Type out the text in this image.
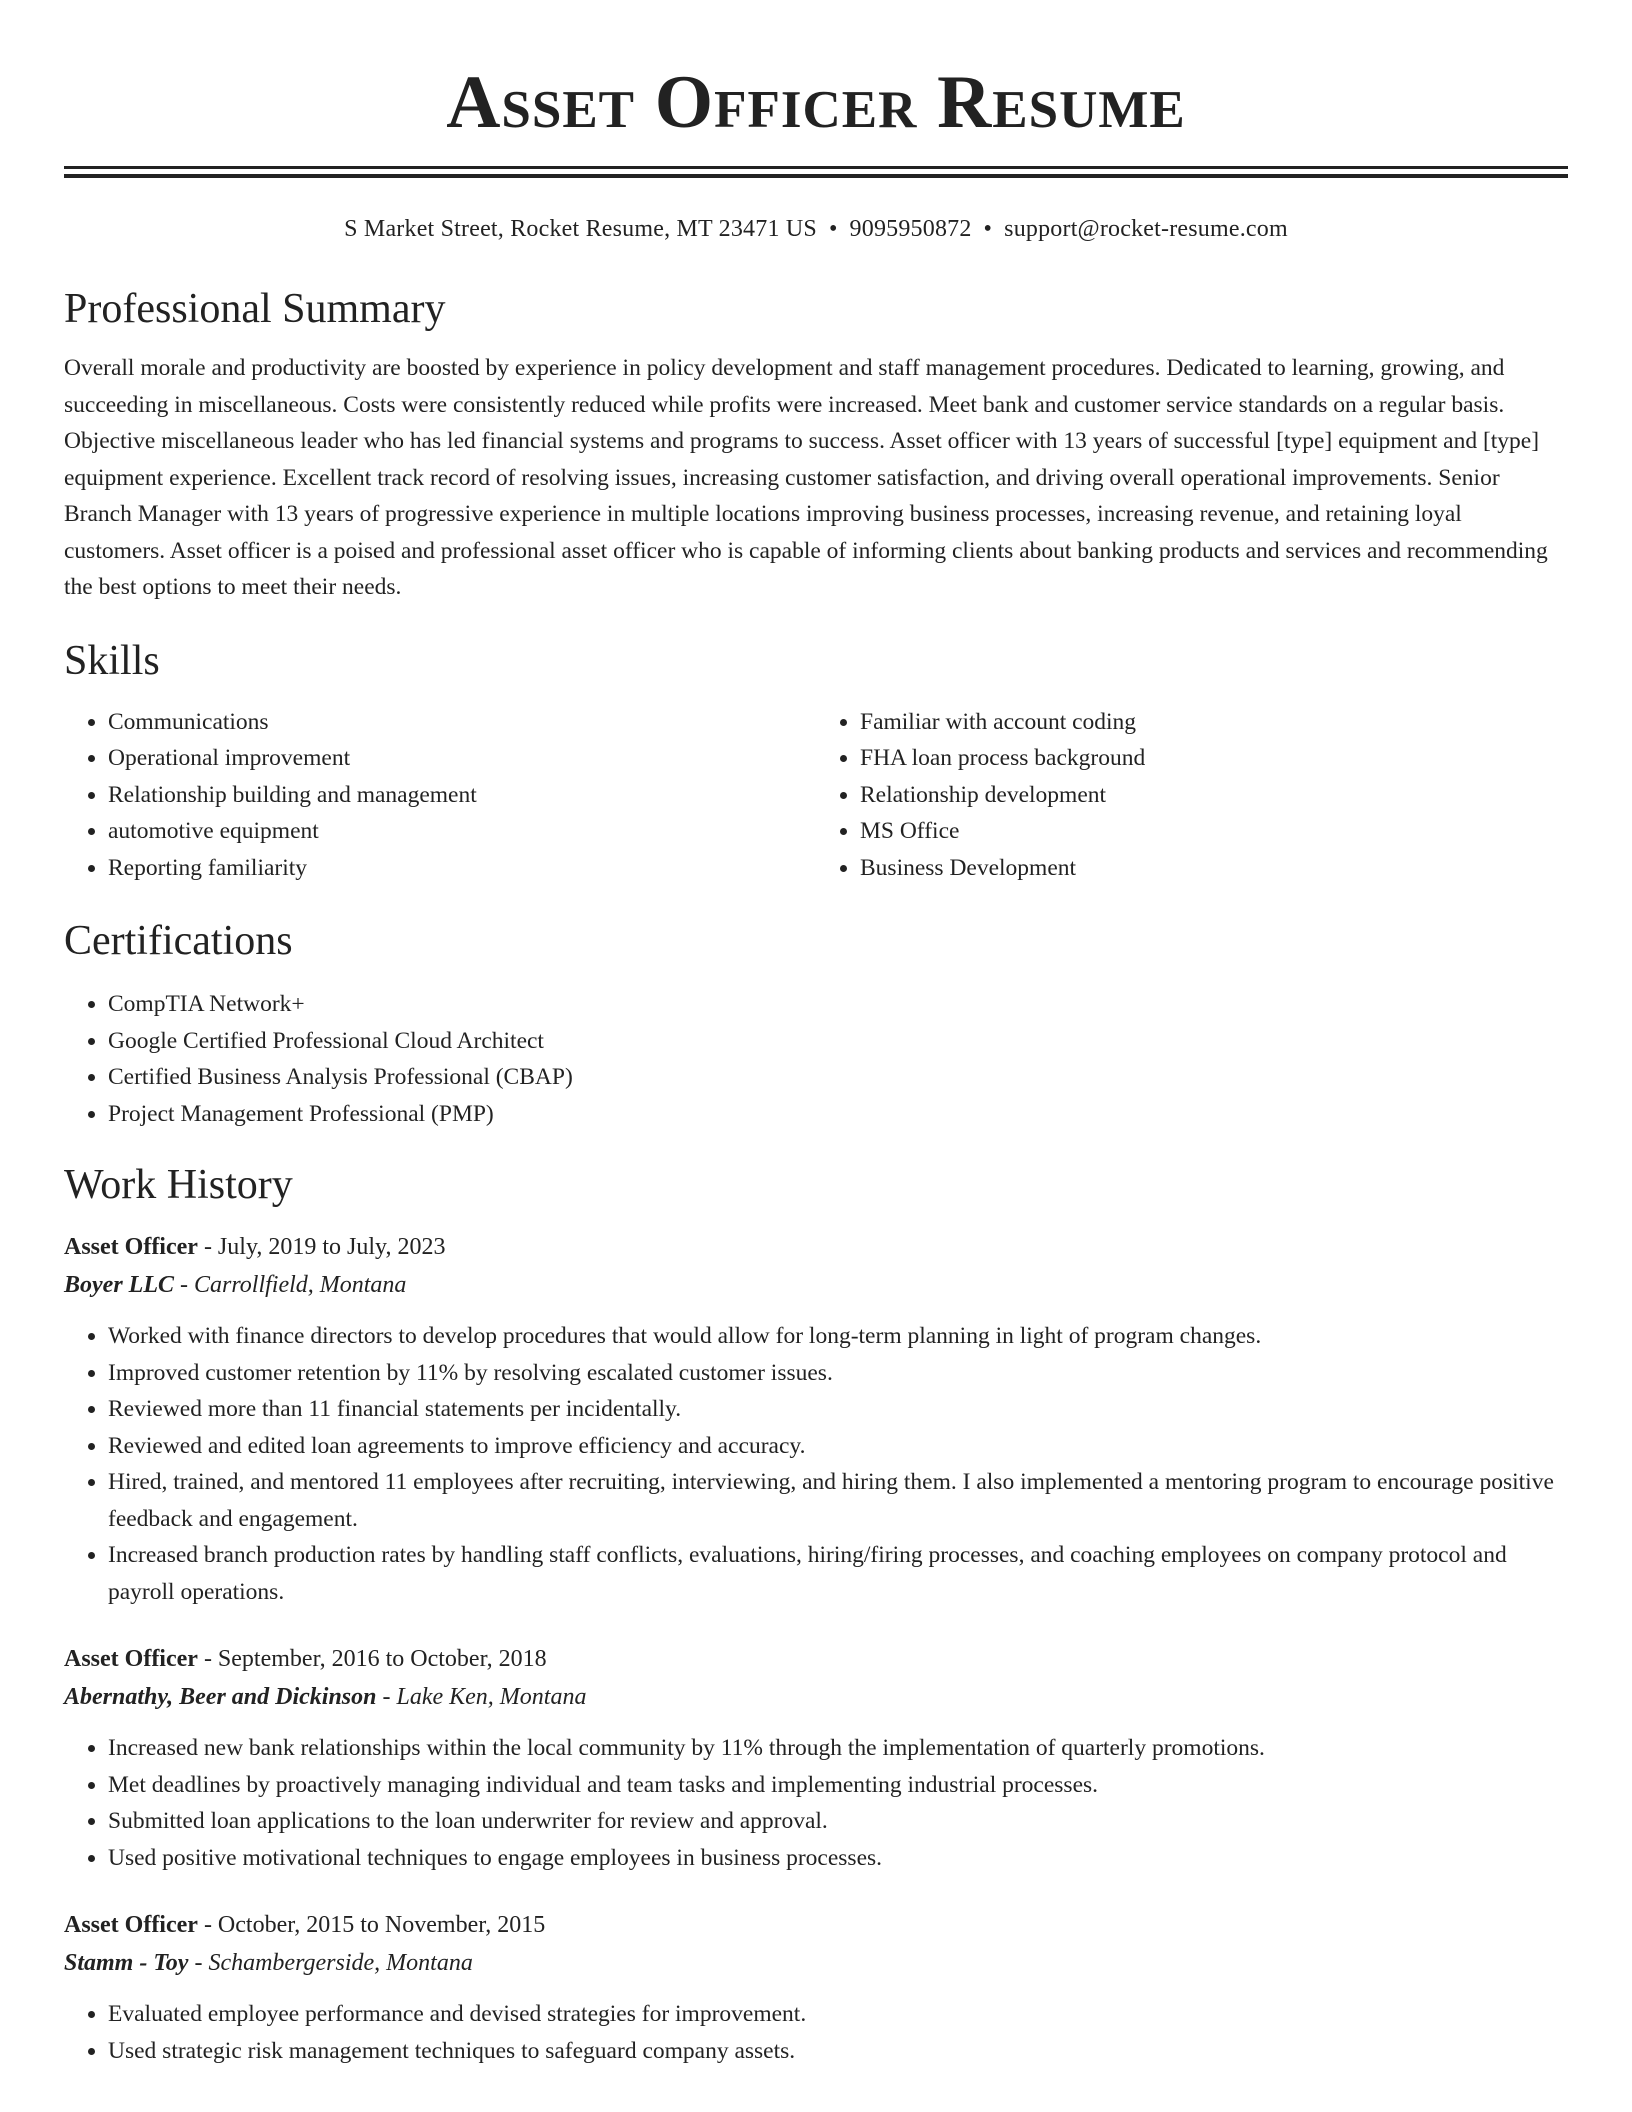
Asset Officer Resume
S Market Street, Rocket Resume, MT 23471 US • 9095950872 • support@rocket-resume.com
Professional Summary

Overall morale and productivity are boosted by experience in policy development and staff management procedures. Dedicated to learning, growing, and succeeding in miscellaneous. Costs were consistently reduced while profits were increased. Meet bank and customer service standards on a regular basis. Objective miscellaneous leader who has led financial systems and programs to success. Asset officer with 13 years of successful [type] equipment and [type] equipment experience. Excellent track record of resolving issues, increasing customer satisfaction, and driving overall operational improvements. Senior Branch Manager with 13 years of progressive experience in multiple locations improving business processes, increasing revenue, and retaining loyal customers. Asset officer is a poised and professional asset officer who is capable of informing clients about banking products and services and recommending the best options to meet their needs.

Skills
• Communications
• Operational improvement
• Relationship building and management
• automotive equipment
• Reporting familiarity
• Familiar with account coding
• FHA loan process background
• Relationship development
• MS Office
• Business Development
Certifications
• CompTIA Network+
• Google Certified Professional Cloud Architect
• Certified Business Analysis Professional (CBAP)
• Project Management Professional (PMP)
Work History
Asset Officer - July, 2019 to July, 2023
Boyer LLC - Carrollfield, Montana
• Worked with finance directors to develop procedures that would allow for long-term planning in light of program changes.
• Improved customer retention by 11% by resolving escalated customer issues.
• Reviewed more than 11 financial statements per incidentally.
• Reviewed and edited loan agreements to improve efficiency and accuracy.
• Hired, trained, and mentored 11 employees after recruiting, interviewing, and hiring them. I also implemented a mentoring program to encourage positive feedback and engagement.
• Increased branch production rates by handling staff conflicts, evaluations, hiring/firing processes, and coaching employees on company protocol and payroll operations.
Asset Officer - September, 2016 to October, 2018
Abernathy, Beer and Dickinson - Lake Ken, Montana
• Increased new bank relationships within the local community by 11% through the implementation of quarterly promotions.
• Met deadlines by proactively managing individual and team tasks and implementing industrial processes.
• Submitted loan applications to the loan underwriter for review and approval.
• Used positive motivational techniques to engage employees in business processes.
Asset Officer - October, 2015 to November, 2015
Stamm - Toy - Schambergerside, Montana
• Evaluated employee performance and devised strategies for improvement.
• Used strategic risk management techniques to safeguard company assets.
